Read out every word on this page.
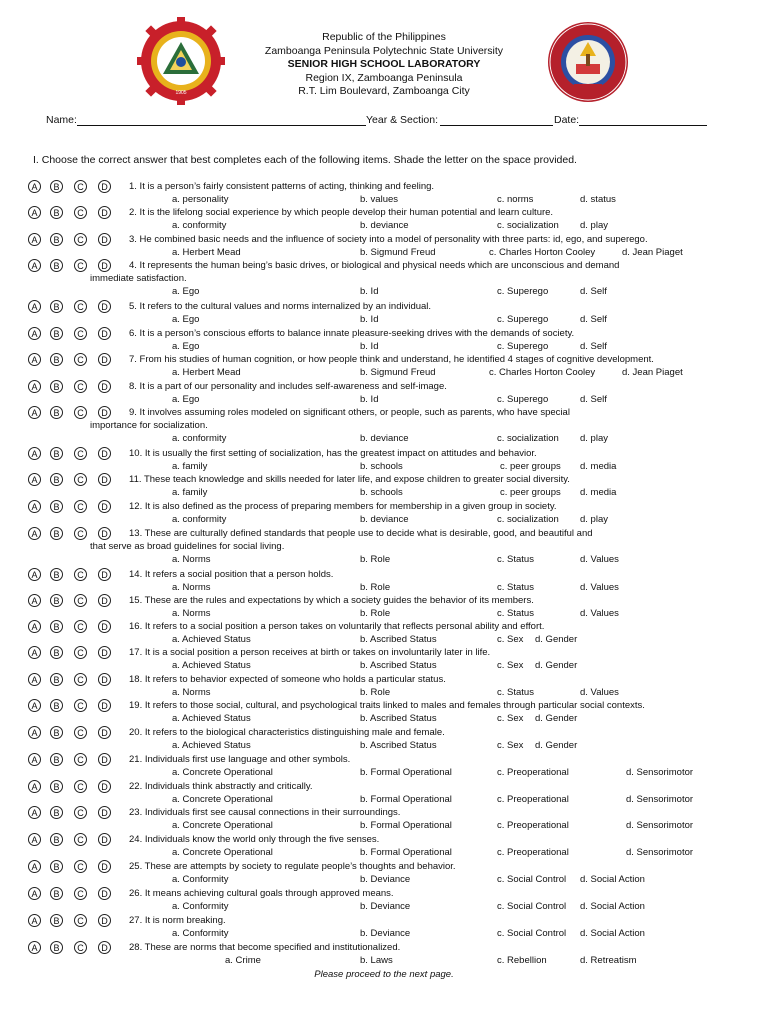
1905
Republic of the Philippines
Zamboanga Peninsula Polytechnic State University
SENIOR HIGH SCHOOL LABORATORY
Region IX, Zamboanga Peninsula
R.T. Lim Boulevard, Zamboanga City
Name:	Year & Section:	Date:
I. Choose the correct answer that best completes each of the following items. Shade the letter on the space provided.
A	B	C	D	1. It is a person’s fairly consistent patterns of acting, thinking and feeling.
a. personality	b. values	c. norms	d. status
A	B	C	D	2. It is the lifelong social experience by which people develop their human potential and learn culture.
a. conformity	b. deviance	c. socialization d. play
A	B	C	D	3. He combined basic needs and the influence of society into a model of personality with three parts: id, ego, and superego.
a. Herbert Mead	b. Sigmund Freud	c. Charles Horton Cooley	d. Jean Piaget
A	B	C	D	4. It represents the human being’s basic drives, or biological and physical needs which are unconscious and demand
immediate satisfaction.
a. Ego	b. Id	c. Superego	d. Self
A	B	C	D	5. It refers to the cultural values and norms internalized by an individual.
a. Ego	b. Id	c. Superego	d. Self
A	B	C	D	6. It is a person’s conscious efforts to balance innate pleasure-seeking drives with the demands of society.
a. Ego	b. Id	c. Superego	d. Self
A	B	C	D	7. From his studies of human cognition, or how people think and understand, he identified 4 stages of cognitive development.
a. Herbert Mead	b. Sigmund Freud	c. Charles Horton Cooley	d. Jean Piaget
A	B	C	D	8. It is a part of our personality and includes self-awareness and self-image.
a. Ego	b. Id	c. Superego	d. Self
A	B	C	D	9. It involves assuming roles modeled on significant others, or people, such as parents, who have special
importance for socialization.
a. conformity	b. deviance	c. socialization d. play
A	B	C	D	10. It is usually the first setting of socialization, has the greatest impact on attitudes and behavior.
a. family	b. schools	c. peer groups d. media
A	B	C	D	11. These teach knowledge and skills needed for later life, and expose children to greater social diversity.
a. family	b. schools	c. peer groups d. media
A	B	C	D	12. It is also defined as the process of preparing members for membership in a given group in society.
a. conformity	b. deviance	c. socialization d. play
A	B	C	D	13. These are culturally defined standards that people use to decide what is desirable, good, and beautiful and
that serve as broad guidelines for social living.
a. Norms	b. Role	c. Status	d. Values
A	B	C	D	14. It refers a social position that a person holds.
a. Norms	b. Role	c. Status	d. Values
A	B	C	D	15. These are the rules and expectations by which a society guides the behavior of its members.
a. Norms	b. Role	c. Status	d. Values
A	B	C	D	16. It refers to a social position a person takes on voluntarily that reflects personal ability and effort.
a. Achieved Status	b. Ascribed Status	c. Sex d. Gender
A	B	C	D	17. It is a social position a person receives at birth or takes on involuntarily later in life.
a. Achieved Status	b. Ascribed Status	c. Sex d. Gender
A	B	C	D	18. It refers to behavior expected of someone who holds a particular status.
a. Norms	b. Role	c. Status	d. Values
A	B	C	D	19. It refers to those social, cultural, and psychological traits linked to males and females through particular social contexts.
a. Achieved Status	b. Ascribed Status	c. Sex d. Gender
A	B	C	D	20. It refers to the biological characteristics distinguishing male and female.
a. Achieved Status	b. Ascribed Status	c. Sex d. Gender
A	B	C	D	21. Individuals first use language and other symbols.
a. Concrete Operational	b. Formal Operational	c. Preoperational	d. Sensorimotor
A	B	C	D	22. Individuals think abstractly and critically.
a. Concrete Operational	b. Formal Operational	c. Preoperational	d. Sensorimotor
A	B	C	D	23. Individuals first see causal connections in their surroundings.
a. Concrete Operational	b. Formal Operational	c. Preoperational	d. Sensorimotor
A	B	C	D	24. Individuals know the world only through the five senses.
a. Concrete Operational	b. Formal Operational	c. Preoperational	d. Sensorimotor
A	B	C	D	25. These are attempts by society to regulate people’s thoughts and behavior.
a. Conformity	b. Deviance	c. Social Control d. Social Action
A	B	C	D	26. It means achieving cultural goals through approved means.
a. Conformity	b. Deviance	c. Social Control d. Social Action
A	B	C	D	27. It is norm breaking.
a. Conformity	b. Deviance	c. Social Control d. Social Action
A	B	C	D	28. These are norms that become specified and institutionalized.
a. Crime	b. Laws	c. Rebellion	d. Retreatism
Please proceed to the next page.
